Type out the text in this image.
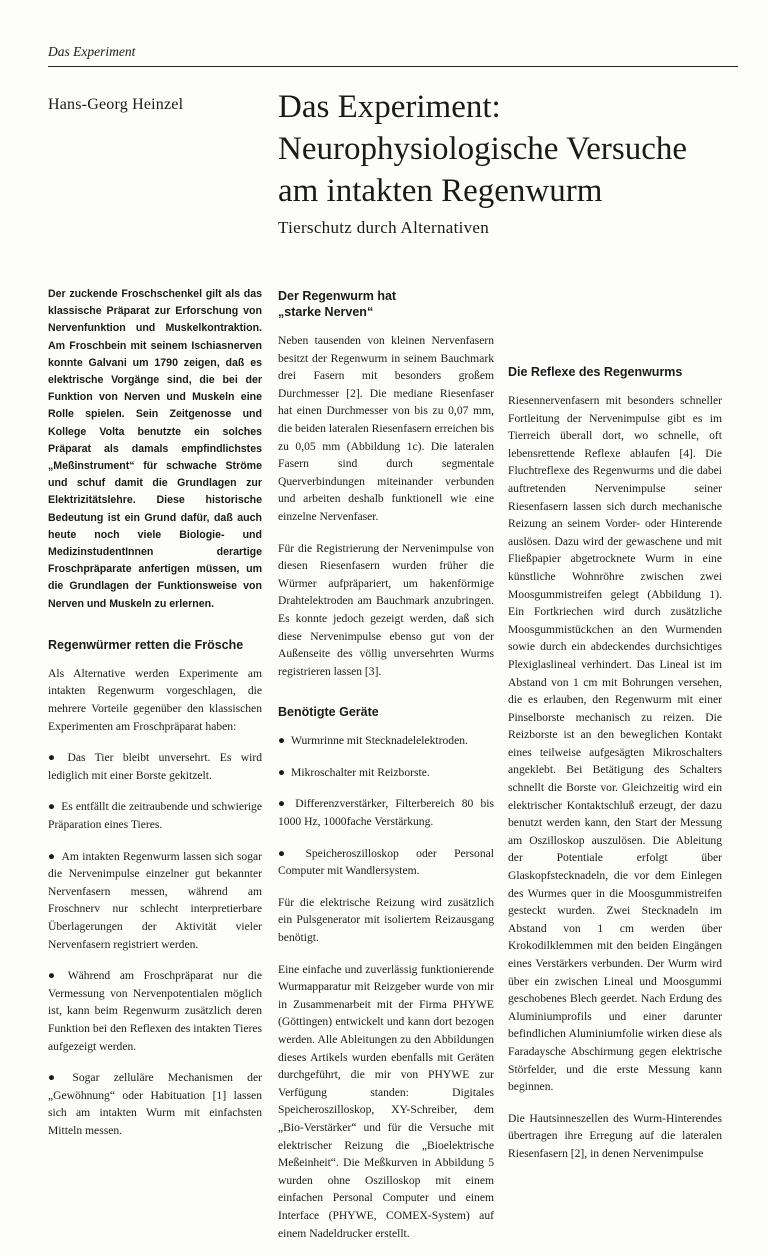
Das Experiment
Hans-Georg Heinzel	Das Experiment:
Neurophysiologische Versuche
am intakten Regenwurm
Tierschutz durch Alternativen

Der zuckende Froschschenkel gilt als das klassische Präparat zur Erforschung von Nervenfunktion und Muskelkontraktion. Am Froschbein mit seinem Ischiasnerven konnte Galvani um 1790 zeigen, daß es elektrische Vorgänge sind, die bei der Funktion von Nerven und Muskeln eine Rolle spielen. Sein Zeitgenosse und Kollege Volta benutzte ein solches Präparat als damals empfindlichstes „Meßinstrument“ für schwache Ströme und schuf damit die Grundlagen zur Elektrizitätslehre. Diese historische Bedeutung ist ein Grund dafür, daß auch heute noch viele Biologie- und MedizinstudentInnen derartige Froschpräparate anfertigen müssen, um die Grundlagen der Funktionsweise von Nerven und Muskeln zu erlernen.

Regenwürmer retten die Frösche

Als Alternative werden Experimente am intakten Regenwurm vorgeschlagen, die mehrere Vorteile gegenüber den klassischen Experimenten am Froschpräparat haben:

● Das Tier bleibt unversehrt. Es wird lediglich mit einer Borste gekitzelt.

● Es entfällt die zeitraubende und schwierige Präparation eines Tieres.

● Am intakten Regenwurm lassen sich sogar die Nervenimpulse einzelner gut bekannter Nervenfasern messen, während am Froschnerv nur schlecht interpretierbare Überlagerungen der Aktivität vieler Nervenfasern registriert werden.

● Während am Froschpräparat nur die Vermessung von Nervenpotentialen möglich ist, kann beim Regenwurm zusätzlich deren Funktion bei den Reflexen des intakten Tieres aufgezeigt werden.

● Sogar zelluläre Mechanismen der „Gewöhnung“ oder Habituation [1] lassen sich am intakten Wurm mit einfachsten Mitteln messen.

Der Regenwurm hat
„starke Nerven“

Neben tausenden von kleinen Nervenfasern besitzt der Regenwurm in seinem Bauchmark drei Fasern mit besonders großem Durchmesser [2]. Die mediane Riesenfaser hat einen Durchmesser von bis zu 0,07 mm, die beiden lateralen Riesenfasern erreichen bis zu 0,05 mm (Abbildung 1c). Die lateralen Fasern sind durch segmentale Querverbindungen miteinander verbunden und arbeiten deshalb funktionell wie eine einzelne Nervenfaser.

Für die Registrierung der Nervenimpulse von diesen Riesenfasern wurden früher die Würmer aufpräpariert, um hakenförmige Drahtelektroden am Bauchmark anzubringen. Es konnte jedoch gezeigt werden, daß sich diese Nervenimpulse ebenso gut von der Außenseite des völlig unversehrten Wurms registrieren lassen [3].

Benötigte Geräte

● Wurmrinne mit Stecknadelelektroden.

● Mikroschalter mit Reizborste.

● Differenzverstärker, Filterbereich 80 bis 1000 Hz, 1000fache Verstärkung.

● Speicheroszilloskop oder Personal Computer mit Wandlersystem.

Für die elektrische Reizung wird zusätzlich ein Pulsgenerator mit isoliertem Reizausgang benötigt.

Eine einfache und zuverlässig funktionierende Wurmapparatur mit Reizgeber wurde von mir in Zusammenarbeit mit der Firma PHYWE (Göttingen) entwickelt und kann dort bezogen werden. Alle Ableitungen zu den Abbildungen dieses Artikels wurden ebenfalls mit Geräten durchgeführt, die mir von PHYWE zur Verfügung standen: Digitales Speicheroszilloskop, XY-Schreiber, dem „Bio-Verstärker“ und für die Versuche mit elektrischer Reizung die „Bioelektrische Meßeinheit“. Die Meßkurven in Abbildung 5 wurden ohne Oszilloskop mit einem einfachen Personal Computer und einem Interface (PHYWE, COMEX-System) auf einem Nadeldrucker erstellt.

Die Reflexe des Regenwurms

Riesennervenfasern mit besonders schneller Fortleitung der Nervenimpulse gibt es im Tierreich überall dort, wo schnelle, oft lebensrettende Reflexe ablaufen [4]. Die Fluchtreflexe des Regenwurms und die dabei auftretenden Nervenimpulse seiner Riesenfasern lassen sich durch mechanische Reizung an seinem Vorder- oder Hinterende auslösen. Dazu wird der gewaschene und mit Fließpapier abgetrocknete Wurm in eine künstliche Wohnröhre zwischen zwei Moosgummistreifen gelegt (Abbildung 1). Ein Fortkriechen wird durch zusätzliche Moosgummistückchen an den Wurmenden sowie durch ein abdeckendes durchsichtiges Plexiglaslineal verhindert. Das Lineal ist im Abstand von 1 cm mit Bohrungen versehen, die es erlauben, den Regenwurm mit einer Pinselborste mechanisch zu reizen. Die Reizborste ist an den beweglichen Kontakt eines teilweise aufgesägten Mikroschalters angeklebt. Bei Betätigung des Schalters schnellt die Borste vor. Gleichzeitig wird ein elektrischer Kontaktschluß erzeugt, der dazu benutzt werden kann, den Start der Messung am Oszilloskop auszulösen. Die Ableitung der Potentiale erfolgt über Glaskopfstecknadeln, die vor dem Einlegen des Wurmes quer in die Moosgummistreifen gesteckt wurden. Zwei Stecknadeln im Abstand von 1 cm werden über Krokodilklemmen mit den beiden Eingängen eines Verstärkers verbunden. Der Wurm wird über ein zwischen Lineal und Moosgummi geschobenes Blech geerdet. Nach Erdung des Aluminiumprofils und einer darunter befindlichen Aluminiumfolie wirken diese als Faradaysche Abschirmung gegen elektrische Störfelder, und die erste Messung kann beginnen.

Die Hautsinneszellen des Wurm-Hinterendes übertragen ihre Erregung auf die lateralen Riesenfasern [2], in denen Nervenimpulse
